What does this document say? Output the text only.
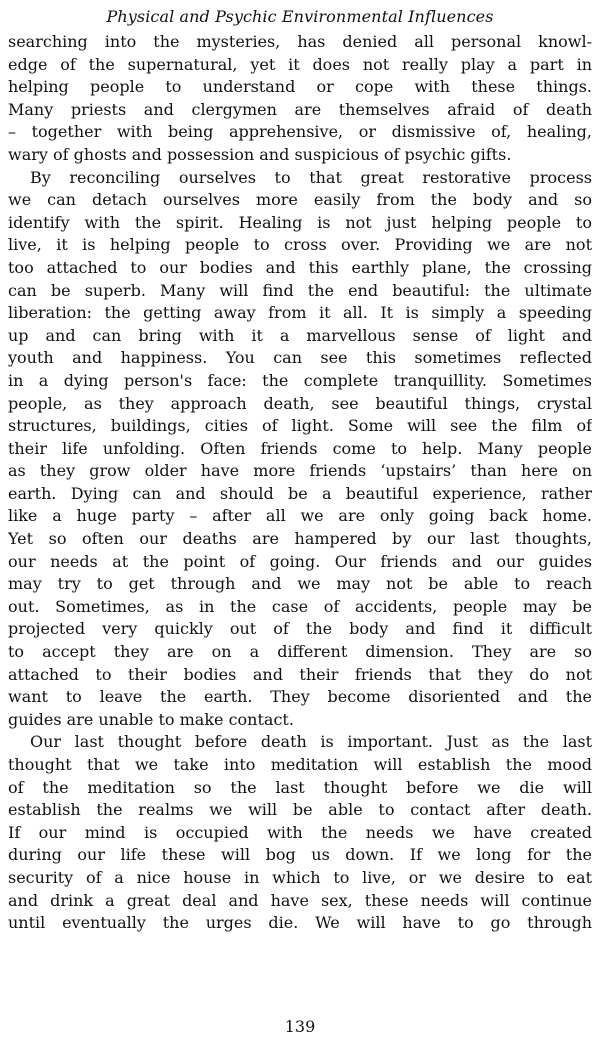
Physical and Psychic Environmental Influences
searching into the mysteries, has denied all personal knowl-
edge of the supernatural, yet it does not really play a part in
helping people to understand or cope with these things.
Many priests and clergymen are themselves afraid of death
– together with being apprehensive, or dismissive of, healing,
wary of ghosts and possession and suspicious of psychic gifts.
By reconciling ourselves to that great restorative process
we can detach ourselves more easily from the body and so
identify with the spirit. Healing is not just helping people to
live, it is helping people to cross over. Providing we are not
too attached to our bodies and this earthly plane, the crossing
can be superb. Many will find the end beautiful: the ultimate
liberation: the getting away from it all. It is simply a speeding
up and can bring with it a marvellous sense of light and
youth and happiness. You can see this sometimes reflected
in a dying person's face: the complete tranquillity. Sometimes
people, as they approach death, see beautiful things, crystal
structures, buildings, cities of light. Some will see the film of
their life unfolding. Often friends come to help. Many people
as they grow older have more friends ‘upstairs’ than here on
earth. Dying can and should be a beautiful experience, rather
like a huge party – after all we are only going back home.
Yet so often our deaths are hampered by our last thoughts,
our needs at the point of going. Our friends and our guides
may try to get through and we may not be able to reach
out. Sometimes, as in the case of accidents, people may be
projected very quickly out of the body and find it difficult
to accept they are on a different dimension. They are so
attached to their bodies and their friends that they do not
want to leave the earth. They become disoriented and the
guides are unable to make contact.
Our last thought before death is important. Just as the last
thought that we take into meditation will establish the mood
of the meditation so the last thought before we die will
establish the realms we will be able to contact after death.
If our mind is occupied with the needs we have created
during our life these will bog us down. If we long for the
security of a nice house in which to live, or we desire to eat
and drink a great deal and have sex, these needs will continue
until eventually the urges die. We will have to go through
139
